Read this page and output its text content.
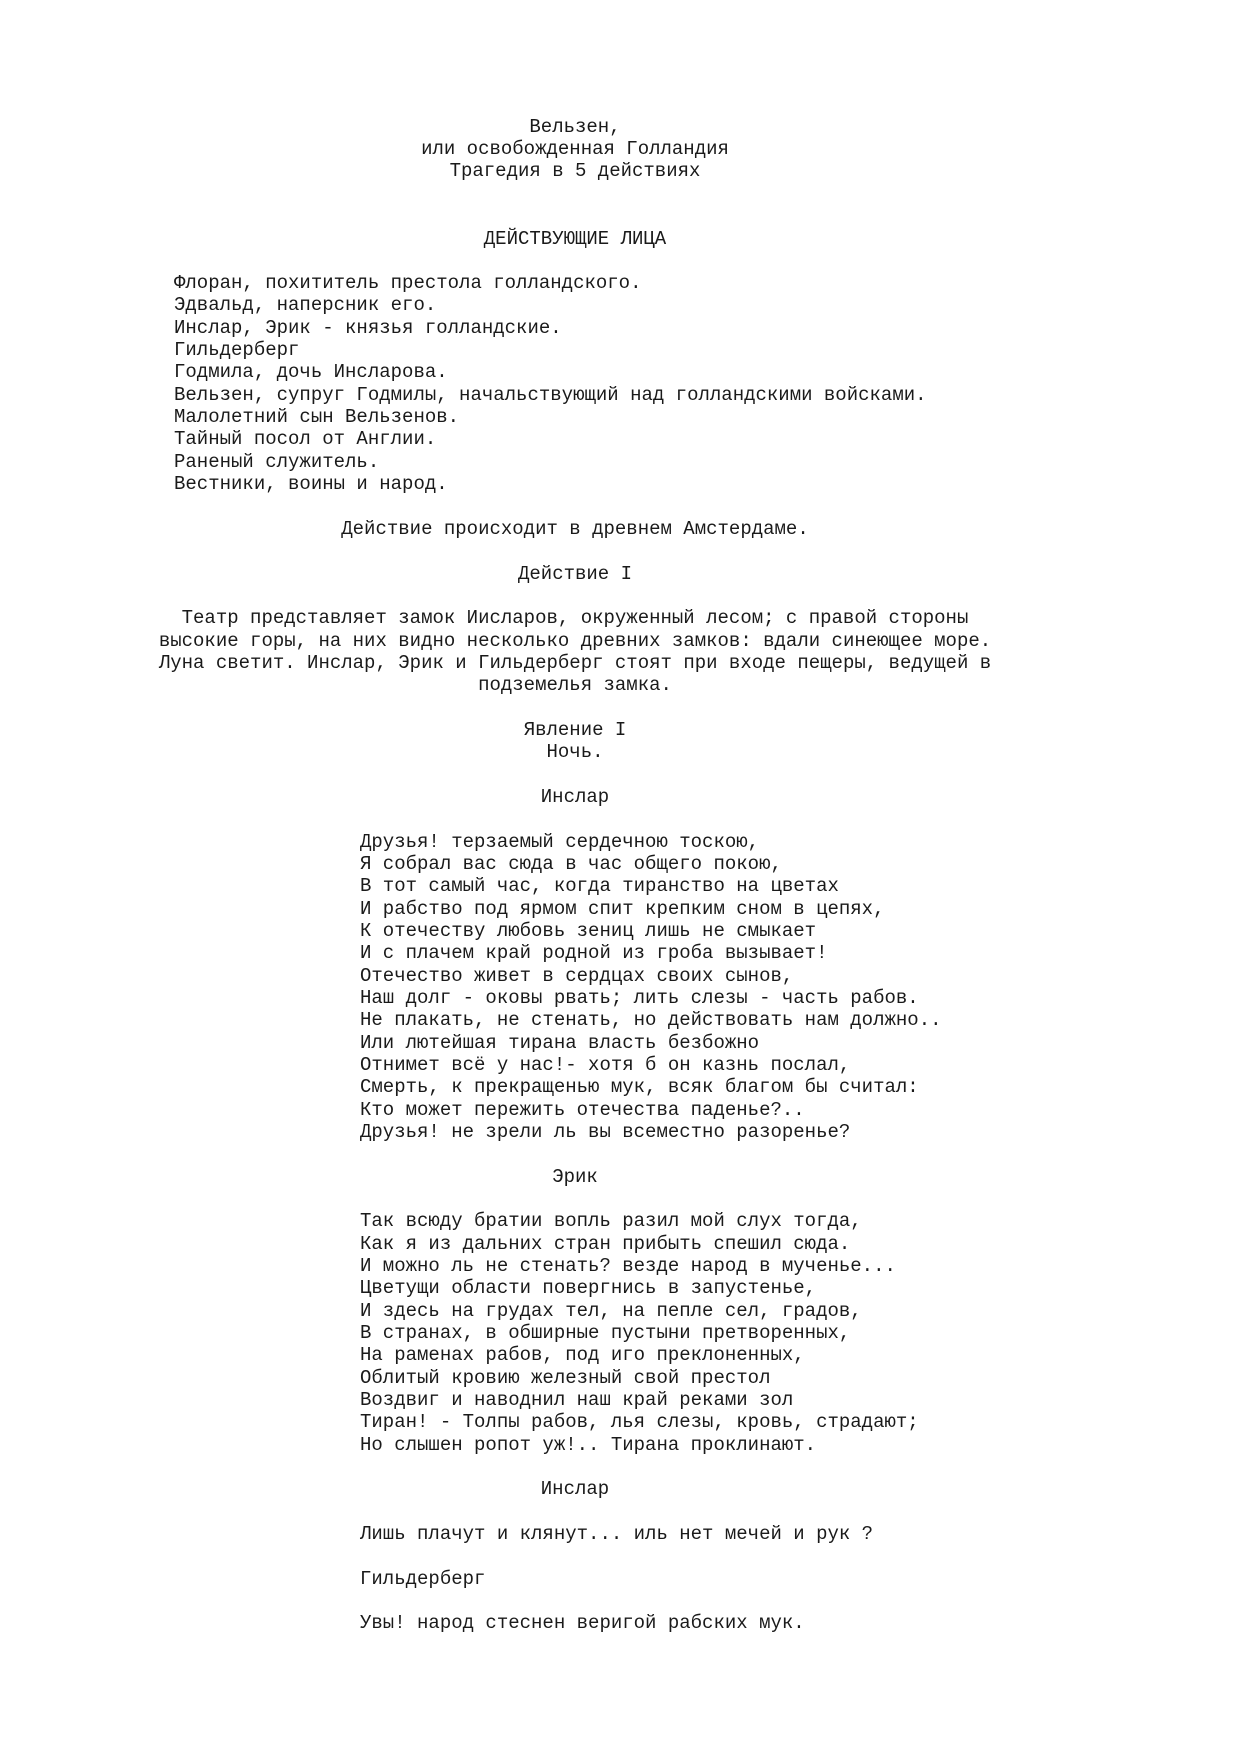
Вельзен,

или освобожденная Голландия

Трагедия в 5 действиях

ДЕЙСТВУЮЩИЕ ЛИЦА

Флоран, похититель престола голландского.

Эдвальд, наперсник его.

Инслар, Эрик - князья голландские.

Гильдерберг

Годмила, дочь Инсларова.

Вельзен, супруг Годмилы, начальствующий над голландскими войсками.

Малолетний сын Вельзенов.

Тайный посол от Англии.

Раненый служитель.

Вестники, воины и народ.

Действие происходит в древнем Амстердаме.

Действие I

Театр представляет замок Иисларов, окруженный лесом; с правой стороны

высокие горы, на них видно несколько древних замков: вдали синеющее море.

Луна светит. Инслар, Эрик и Гильдерберг стоят при входе пещеры, ведущей в

подземелья замка.

Явление I

Ночь.

Инслар

Друзья! терзаемый сердечною тоскою,

Я собрал вас сюда в час общего покою,

В тот самый час, когда тиранство на цветах

И рабство под ярмом спит крепким сном в цепях,

К отечеству любовь зениц лишь не смыкает

И с плачем край родной из гроба вызывает!

Отечество живет в сердцах своих сынов,

Наш долг - оковы рвать; лить слезы - часть рабов.

Не плакать, не стенать, но действовать нам должно..

Или лютейшая тирана власть безбожно

Отнимет всё у нас!- хотя б он казнь послал,

Смерть, к прекращенью мук, всяк благом бы считал:

Кто может пережить отечества паденье?..

Друзья! не зрели ль вы всеместно разоренье?

Эрик

Так всюду братии вопль разил мой слух тогда,

Как я из дальних стран прибыть спешил сюда.

И можно ль не стенать? везде народ в мученье...

Цветущи области повергнись в запустенье,

И здесь на грудах тел, на пепле сел, градов,

В странах, в обширные пустыни претворенных,

На раменах рабов, под иго преклоненных,

Облитый кровию железный свой престол

Воздвиг и наводнил наш край реками зол

Тиран! - Толпы рабов, лья слезы, кровь, страдают;

Но слышен ропот уж!.. Тирана проклинают.

Инслар

Лишь плачут и клянут... иль нет мечей и рук ?

Гильдерберг

Увы! народ стеснен веригой рабских мук.
